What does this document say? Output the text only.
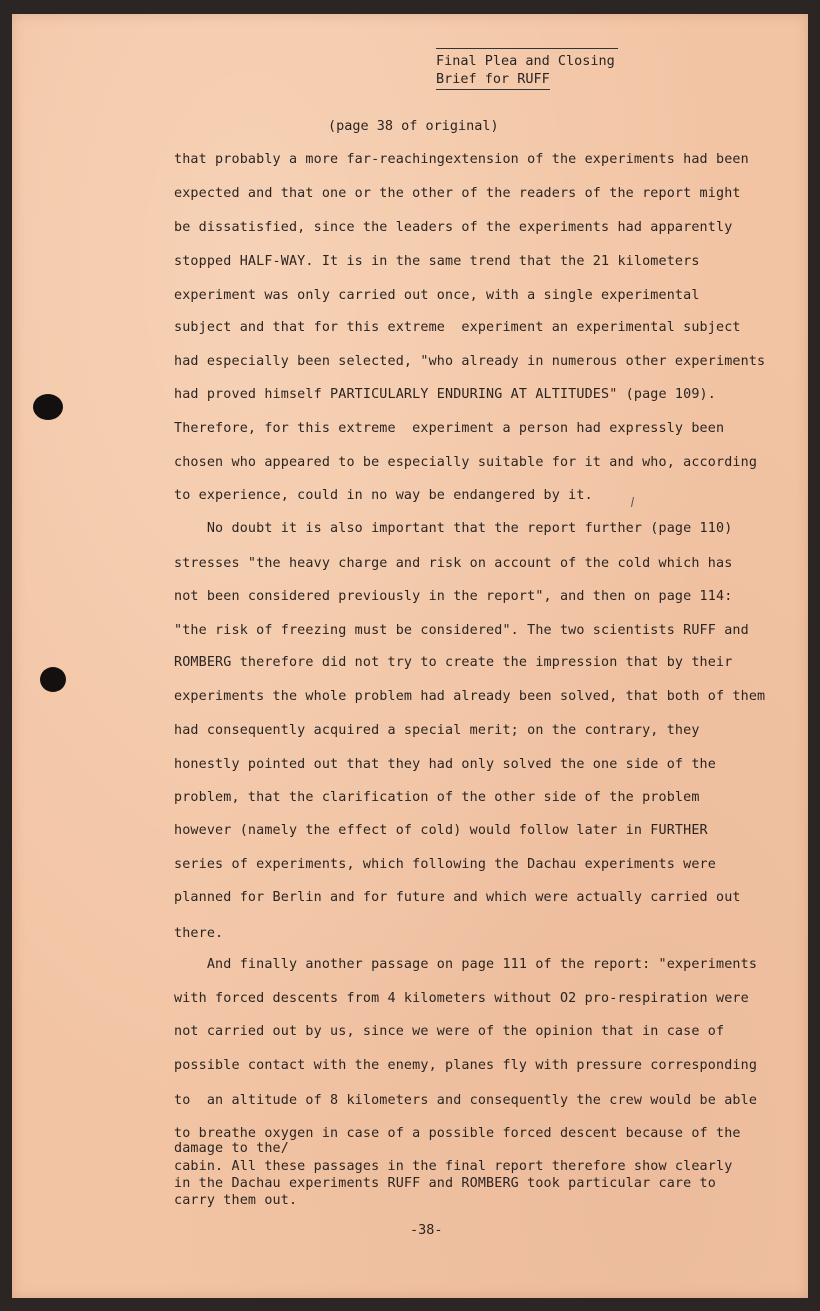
Final Plea and Closing
Brief for RUFF
(page 38 of original)

that probably a more far-reachingextension of the experiments had been

expected and that one or the other of the readers of the report might

be dissatisfied, since the leaders of the experiments had apparently

stopped HALF-WAY. It is in the same trend that the 21 kilometers

experiment was only carried out once, with a single experimental

subject and that for this extreme  experiment an experimental subject

had especially been selected, "who already in numerous other experiments

had proved himself PARTICULARLY ENDURING AT ALTITUDES" (page 109).

Therefore, for this extreme  experiment a person had expressly been

chosen who appeared to be especially suitable for it and who, according

to experience, could in no way be endangered by it.

No doubt it is also important that the report further (page 110)

stresses "the heavy charge and risk on account of the cold which has

not been considered previously in the report", and then on page 114:

"the risk of freezing must be considered". The two scientists RUFF and

ROMBERG therefore did not try to create the impression that by their

experiments the whole problem had already been solved, that both of them

had consequently acquired a special merit; on the contrary, they

honestly pointed out that they had only solved the one side of the

problem, that the clarification of the other side of the problem

however (namely the effect of cold) would follow later in FURTHER

series of experiments, which following the Dachau experiments were

planned for Berlin and for future and which were actually carried out

there.

And finally another passage on page 111 of the report: "experiments

with forced descents from 4 kilometers without O2 pro-respiration were

not carried out by us, since we were of the opinion that in case of

possible contact with the enemy, planes fly with pressure corresponding

to  an altitude of 8 kilometers and consequently the crew would be able

to breathe oxygen in case of a possible forced descent because of the

damage to the/

cabin. All these passages in the final report therefore show clearly

in the Dachau experiments RUFF and ROMBERG took particular care to

carry them out.

-38-
